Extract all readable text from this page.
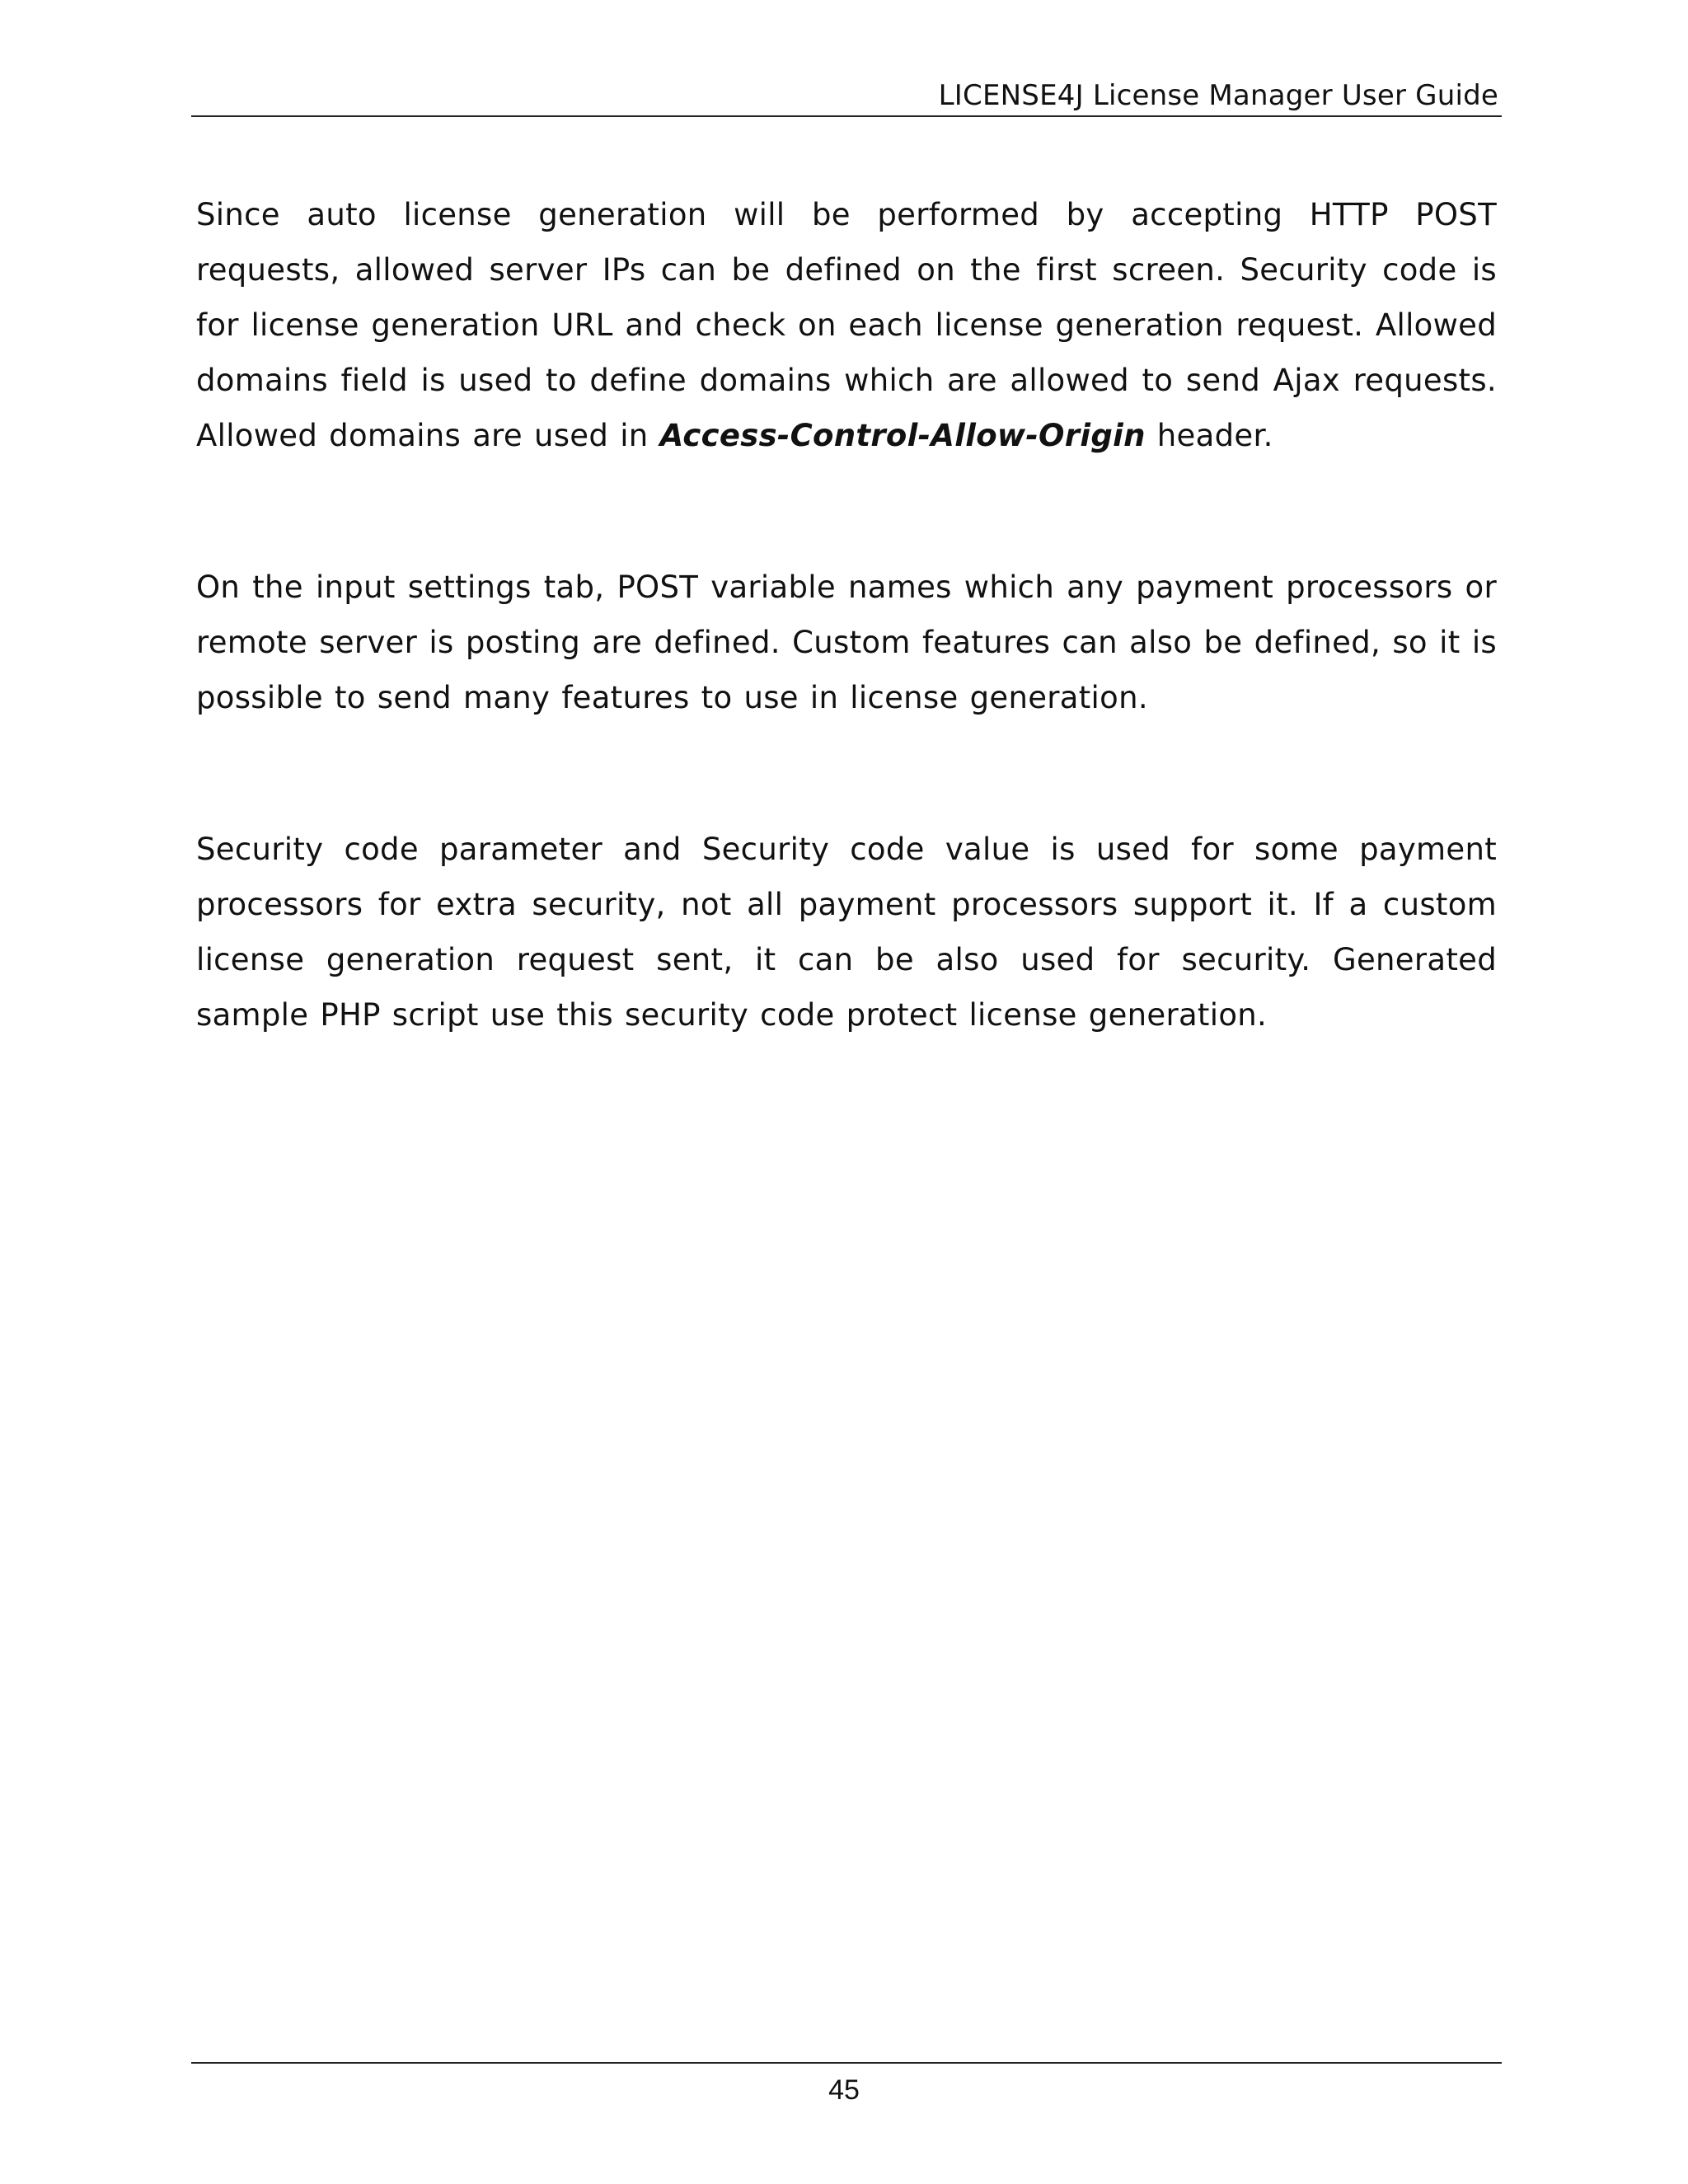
LICENSE4J License Manager User Guide

Since auto license generation will be performed by accepting HTTP POST requests, allowed server IPs can be defined on the first screen. Security code is for license generation URL and check on each license generation request. Allowed domains field is used to define domains which are allowed to send Ajax requests. Allowed domains are used in Access-Control-Allow-Origin header.

On the input settings tab, POST variable names which any payment processors or remote server is posting are defined. Custom features can also be defined, so it is possible to send many features to use in license generation.

Security code parameter and Security code value is used for some payment processors for extra security, not all payment processors support it. If a custom license generation request sent, it can be also used for security. Generated sample PHP script use this security code protect license generation.

45
